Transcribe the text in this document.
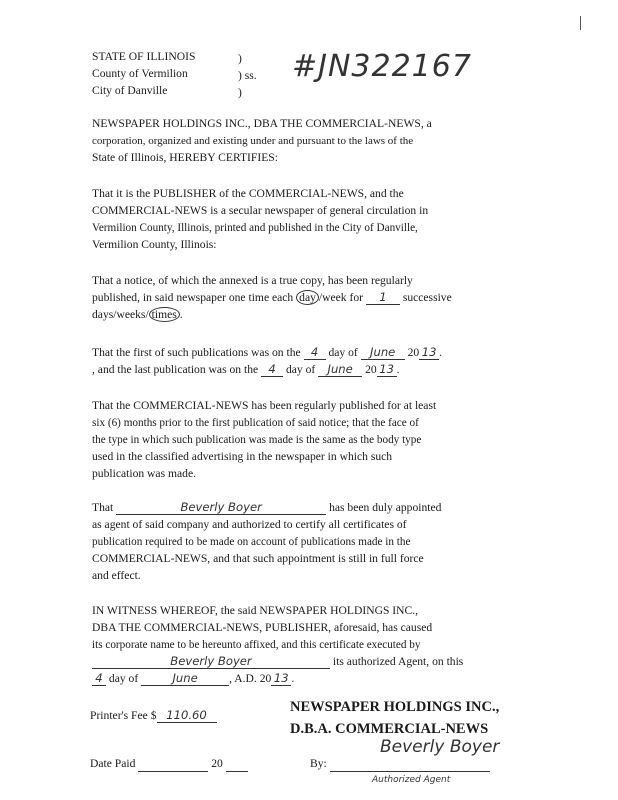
STATE OF ILLINOIS
County of Vermilion
City of Danville
)
) ss.
)
#JN322167
NEWSPAPER HOLDINGS INC., DBA THE COMMERCIAL-NEWS, a
corporation, organized and existing under and pursuant to the laws of the
State of Illinois, HEREBY CERTIFIES:
That it is the PUBLISHER of the COMMERCIAL-NEWS, and the
COMMERCIAL-NEWS is a secular newspaper of general circulation in
Vermilion County, Illinois, printed and published in the City of Danville,
Vermilion County, Illinois:
That a notice, of which the annexed is a true copy, has been regularly
published, in said newspaper one time each day /week for 1 successive
days/weeks/ times .
That the first of such publications was on the 4 day of June 20 13 .
, and the last publication was on the 4 day of June 20 13 .
That the COMMERCIAL-NEWS has been regularly published for at least
six (6) months prior to the first publication of said notice; that the face of
the type in which such publication was made is the same as the body type
used in the classified advertising in the newspaper in which such
publication was made.
That	Beverly Boyer	has been duly appointed
as agent of said company and authorized to certify all certificates of
publication required to be made on account of publications made in the
COMMERCIAL-NEWS, and that such appointment is still in full force
and effect.
IN WITNESS WHEREOF, the said NEWSPAPER HOLDINGS INC.,
DBA THE COMMERCIAL-NEWS, PUBLISHER, aforesaid, has caused
its corporate name to be hereunto affixed, and this certificate executed by
Beverly Boyer	its authorized Agent, on this
4 day of	June	, A.D. 20 13 .
Printer's Fee $ 110.60	NEWSPAPER HOLDINGS INC.,
D.B.A. COMMERCIAL-NEWS
Date Paid	20	By:
Beverly Boyer
Authorized Agent
